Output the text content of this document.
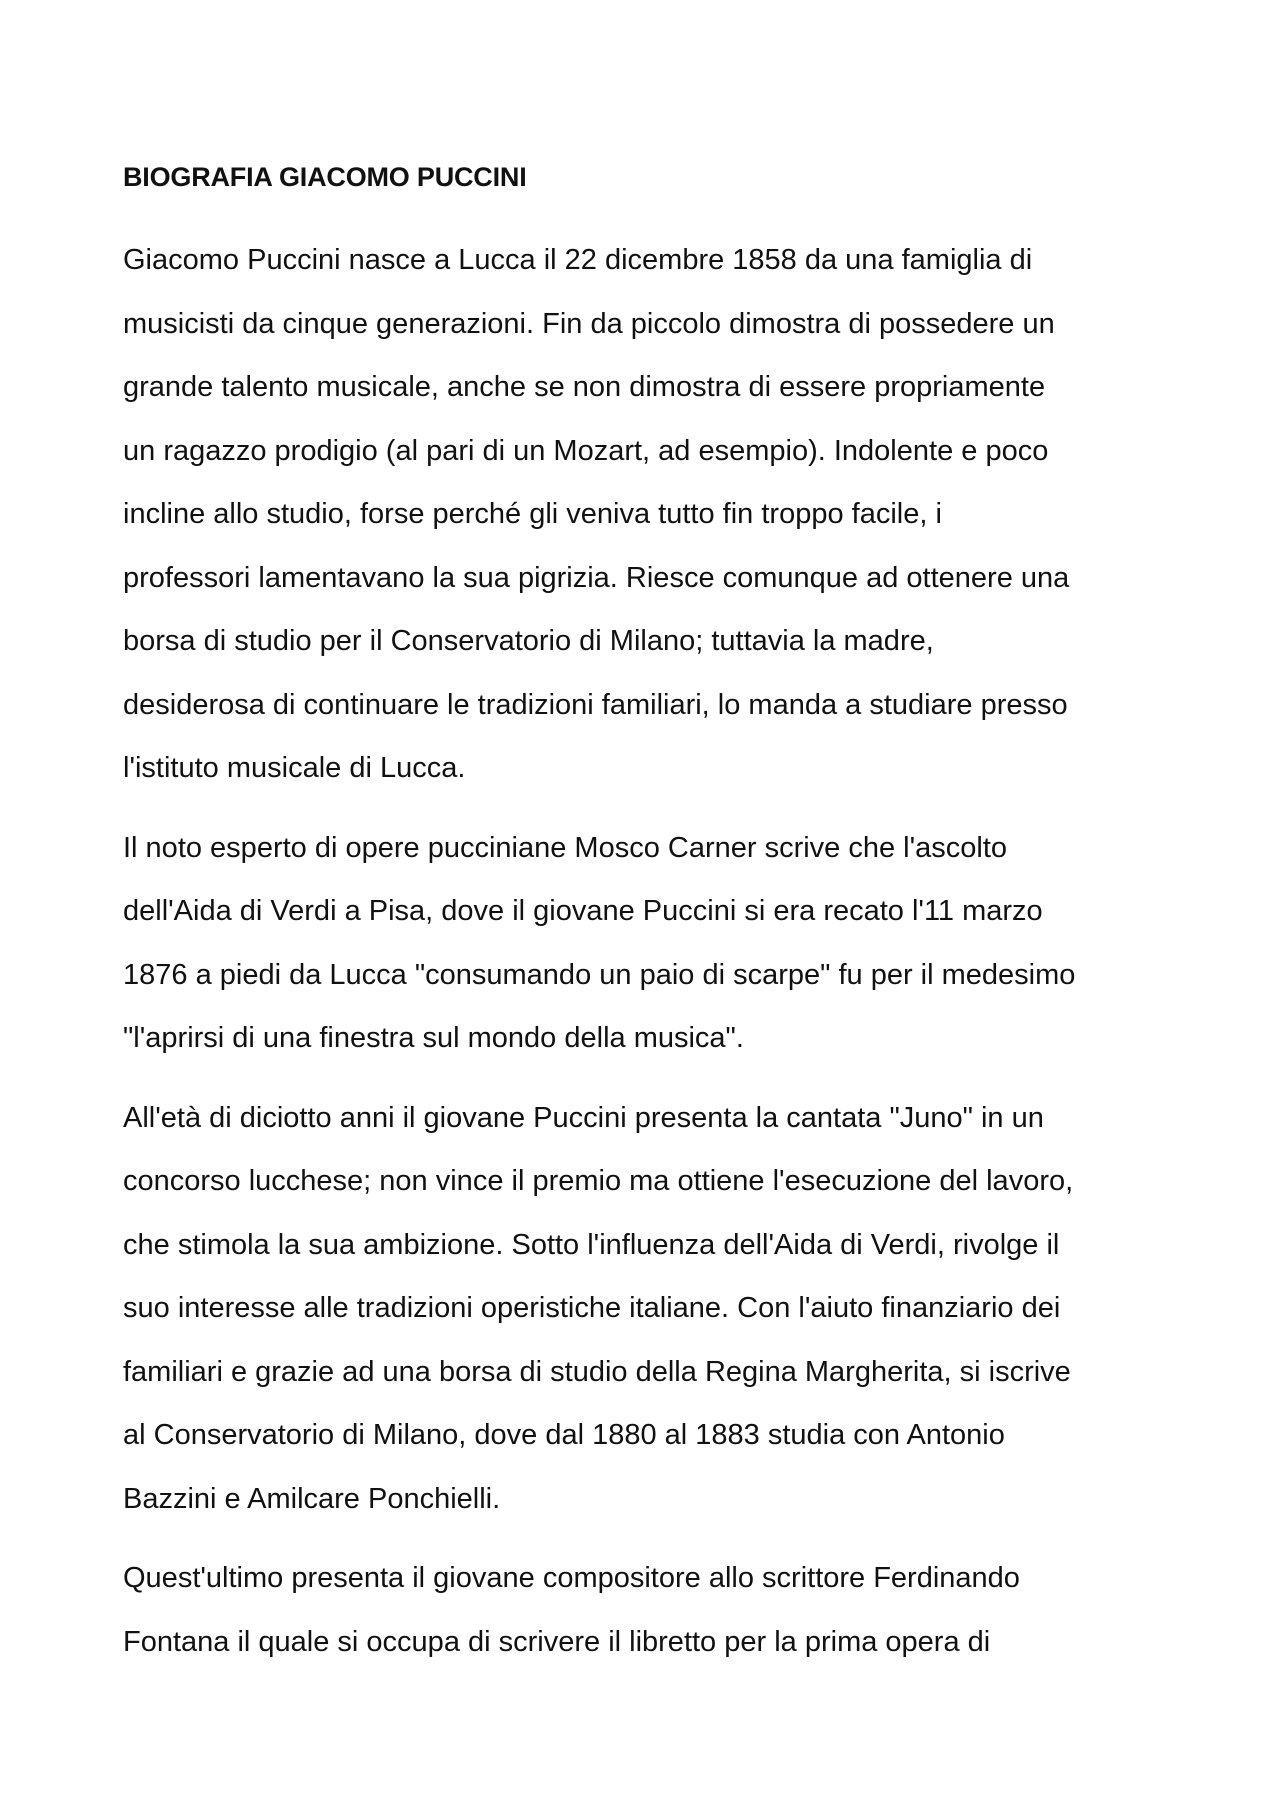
BIOGRAFIA GIACOMO PUCCINI

Giacomo Puccini nasce a Lucca il 22 dicembre 1858 da una famiglia di
musicisti da cinque generazioni. Fin da piccolo dimostra di possedere un
grande talento musicale, anche se non dimostra di essere propriamente
un ragazzo prodigio (al pari di un Mozart, ad esempio). Indolente e poco
incline allo studio, forse perché gli veniva tutto fin troppo facile, i
professori lamentavano la sua pigrizia. Riesce comunque ad ottenere una
borsa di studio per il Conservatorio di Milano; tuttavia la madre,
desiderosa di continuare le tradizioni familiari, lo manda a studiare presso
l'istituto musicale di Lucca.

Il noto esperto di opere pucciniane Mosco Carner scrive che l'ascolto
dell'Aida di Verdi a Pisa, dove il giovane Puccini si era recato l'11 marzo
1876 a piedi da Lucca "consumando un paio di scarpe" fu per il medesimo
"l'aprirsi di una finestra sul mondo della musica".

All'età di diciotto anni il giovane Puccini presenta la cantata "Juno" in un
concorso lucchese; non vince il premio ma ottiene l'esecuzione del lavoro,
che stimola la sua ambizione. Sotto l'influenza dell'Aida di Verdi, rivolge il
suo interesse alle tradizioni operistiche italiane. Con l'aiuto finanziario dei
familiari e grazie ad una borsa di studio della Regina Margherita, si iscrive
al Conservatorio di Milano, dove dal 1880 al 1883 studia con Antonio
Bazzini e Amilcare Ponchielli.

Quest'ultimo presenta il giovane compositore allo scrittore Ferdinando
Fontana il quale si occupa di scrivere il libretto per la prima opera di
